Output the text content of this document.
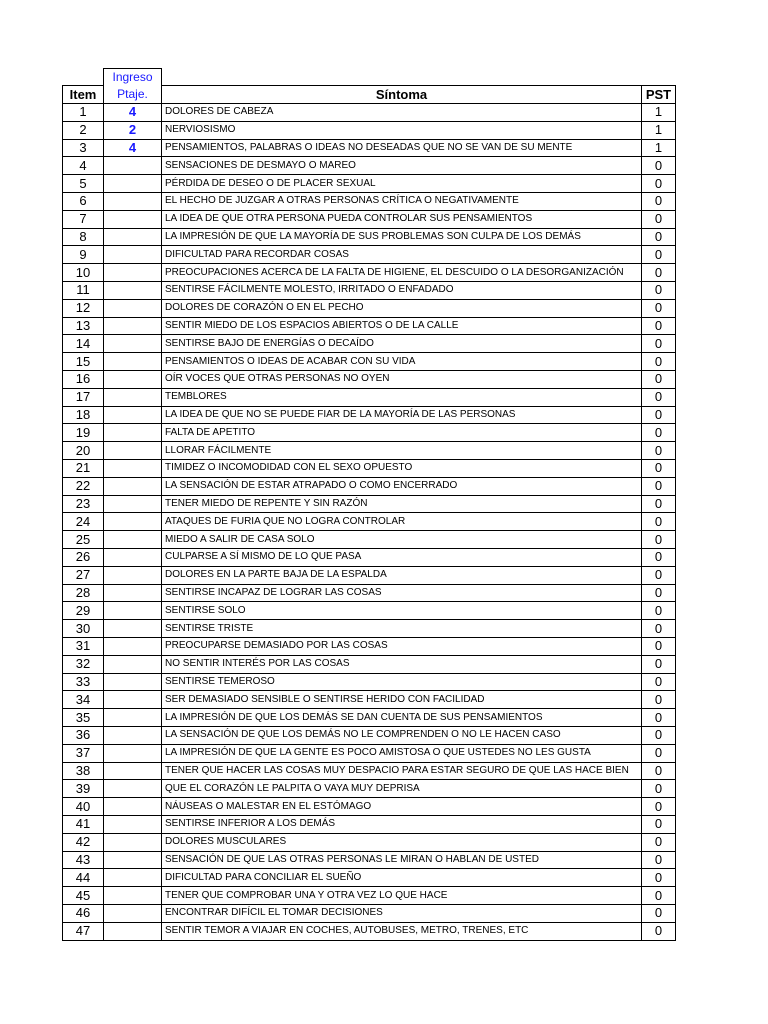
	Ingreso		
Item	Ptaje.	Síntoma	PST
1	4	DOLORES DE CABEZA	1
2	2	NERVIOSISMO	1
3	4	PENSAMIENTOS, PALABRAS O IDEAS NO DESEADAS QUE NO SE VAN DE SU MENTE	1
4		SENSACIONES DE DESMAYO O MAREO	0
5		PÉRDIDA DE DESEO O DE PLACER SEXUAL	0
6		EL HECHO DE JUZGAR A OTRAS PERSONAS CRÍTICA O NEGATIVAMENTE	0
7		LA IDEA DE QUE OTRA PERSONA PUEDA CONTROLAR SUS PENSAMIENTOS	0
8		LA IMPRESIÓN DE QUE LA MAYORÍA DE SUS PROBLEMAS SON CULPA DE LOS DEMÁS	0
9		DIFICULTAD PARA RECORDAR COSAS	0
10		PREOCUPACIONES ACERCA DE LA FALTA DE HIGIENE, EL DESCUIDO O LA DESORGANIZACIÓN	0
11		SENTIRSE FÁCILMENTE MOLESTO, IRRITADO O ENFADADO	0
12		DOLORES DE CORAZÓN O EN EL PECHO	0
13		SENTIR MIEDO DE LOS ESPACIOS ABIERTOS O DE LA CALLE	0
14		SENTIRSE BAJO DE ENERGÍAS O DECAÍDO	0
15		PENSAMIENTOS O IDEAS DE ACABAR CON SU VIDA	0
16		OÍR VOCES QUE OTRAS PERSONAS NO OYEN	0
17		TEMBLORES	0
18		LA IDEA DE QUE NO SE PUEDE FIAR DE LA MAYORÍA DE LAS PERSONAS	0
19		FALTA DE APETITO	0
20		LLORAR FÁCILMENTE	0
21		TIMIDEZ O INCOMODIDAD CON EL SEXO OPUESTO	0
22		LA SENSACIÓN DE ESTAR ATRAPADO O COMO ENCERRADO	0
23		TENER MIEDO DE REPENTE Y SIN RAZÓN	0
24		ATAQUES DE FURIA QUE NO LOGRA CONTROLAR	0
25		MIEDO A SALIR DE CASA SOLO	0
26		CULPARSE A SÍ MISMO DE LO QUE PASA	0
27		DOLORES EN LA PARTE BAJA DE LA ESPALDA	0
28		SENTIRSE INCAPAZ DE LOGRAR LAS COSAS	0
29		SENTIRSE SOLO	0
30		SENTIRSE TRISTE	0
31		PREOCUPARSE DEMASIADO POR LAS COSAS	0
32		NO SENTIR INTERÉS POR LAS COSAS	0
33		SENTIRSE TEMEROSO	0
34		SER DEMASIADO SENSIBLE O SENTIRSE HERIDO CON FACILIDAD	0
35		LA IMPRESIÓN DE QUE LOS DEMÁS SE DAN CUENTA DE SUS PENSAMIENTOS	0
36		LA SENSACIÓN DE QUE LOS DEMÁS NO LE COMPRENDEN O NO LE HACEN CASO	0
37		LA IMPRESIÓN DE QUE LA GENTE ES POCO AMISTOSA O QUE USTEDES NO LES GUSTA	0
38		TENER QUE HACER LAS COSAS MUY DESPACIO PARA ESTAR SEGURO DE QUE LAS HACE BIEN	0
39		QUE EL CORAZÓN LE PALPITA O VAYA MUY DEPRISA	0
40		NÁUSEAS O MALESTAR EN EL ESTÓMAGO	0
41		SENTIRSE INFERIOR A LOS DEMÁS	0
42		DOLORES MUSCULARES	0
43		SENSACIÓN DE QUE LAS OTRAS PERSONAS LE MIRAN O HABLAN DE USTED	0
44		DIFICULTAD PARA CONCILIAR EL SUEÑO	0
45		TENER QUE COMPROBAR UNA Y OTRA VEZ LO QUE HACE	0
46		ENCONTRAR DIFÍCIL EL TOMAR DECISIONES	0
47		SENTIR TEMOR A VIAJAR EN COCHES, AUTOBUSES, METRO, TRENES, ETC	0
